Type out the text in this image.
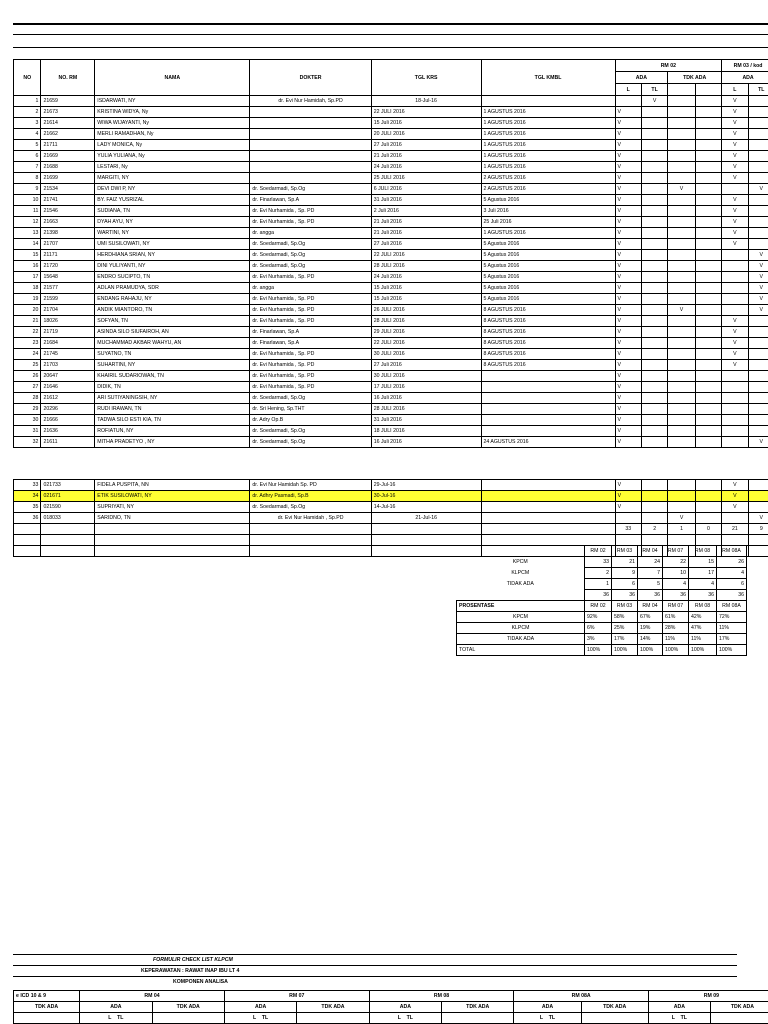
NO	NO. RM	NAMA	DOKTER	TGL KRS	TGL KMBL	RM 02				RM 03 / kod	
						ADA		TDK ADA		ADA	
						L	TL			L	TL
1	21659	ISDARWATI, NY	dr. Evi Nur Hamidah, Sp.PD	18-Jul-16			V			V	
2	21673	KRISTINA WIDYA, Ny		22 JULI 2016	1 AGUSTUS 2016	V				V	
3	21614	WIWA WIJAYANTI, Ny		15 Juli 2016	1 AGUSTUS 2016	V				V	
4	21662	MERLI RAMADHAN, Ny		20 JULI 2016	1 AGUSTUS 2016	V				V	
5	21711	LADY MONICA, Ny		27 Juli 2016	1 AGUSTUS 2016	V				V	
6	21669	YULIA YULIANA, Ny		21 Juli 2016	1 AGUSTUS 2016	V				V	
7	21688	LESTARI, Ny		24 Juli 2016	1 AGUSTUS 2016	V				V	
8	21699	MARGITI, NY		25 JULI 2016	2 AGUSTUS 2016	V				V	
9	21534	DEVI DWI P, NY	dr. Soedarmadi, Sp.Og	6 JULI 2016	2 AGUSTUS 2016	V		V			V
10	21741	BY. FAIZ YUSRIZAL	dr. Finarlawan, Sp.A	31 Juli 2016	5 Agustus 2016	V				V	
11	21546	SUDIANA, TN	dr. Evi Nurhamida , Sp. PD	2 Juli 2016	3 Juli 2016	V				V	
12	21663	DYAH AYU, NY	dr. Evi Nurhamida , Sp. PD	21 Juli 2016	25 Juli 2016	V				V	
13	21398	WARTINI, NY	dr. angga	21 Juli 2016	1 AGUSTUS 2016	V				V	
14	21707	UMI SUSILOWATI, NY	dr. Soedarmadi, Sp.Og	27 Juli 2016	5 Agustus 2016	V				V	
15	21171	HERDHIANA SRIAN, NY	dr. Soedarmadi, Sp.Og	22 JULI 2016	5 Agustus 2016	V					V
16	21720	DINI YULIYANTI, NY	dr. Soedarmadi, Sp.Og	28 JULI 2016	5 Agustus 2016	V					V
17	15648	ENDRO SUCIPTO, TN	dr. Evi Nurhamida , Sp. PD	24 Juli 2016	5 Agustus 2016	V					V
18	21577	ADLAN PRAMUDYA, SDR	dr. angga	15 Juli 2016	5 Agustus 2016	V					V
19	21599	ENDANG RAHAJU, NY	dr. Evi Nurhamida , Sp. PD	15 Juli 2016	5 Agustus 2016	V					V
20	21704	ANDIK MIANTORO, TN	dr. Evi Nurhamida , Sp. PD	26 JULI 2016	8 AGUSTUS 2016	V		V			V
21	18026	SOFYAN, TN	dr. Evi Nurhamida , Sp. PD	28 JULI 2016	8 AGUSTUS 2016	V				V	
22	21719	ASINDA SILO SIUFAIROH, AN	dr. Finarlawan, Sp.A	29 JULI 2016	8 AGUSTUS 2016	V				V	
23	21684	MUCHAMMAD AKBAR WAHYU, AN	dr. Finarlawan, Sp.A	22 JULI 2016	8 AGUSTUS 2016	V				V	
24	21745	SUYATNO, TN	dr. Evi Nurhamida , Sp. PD	30 JULI 2016	8 AGUSTUS 2016	V				V	
25	21703	SUHARTINI, NY	dr. Evi Nurhamida , Sp. PD	27 Juli 2016	8 AGUSTUS 2016	V				V	
26	20647	KHAIRIL SUDARIOWAN, TN	dr. Evi Nurhamida , Sp. PD	30 JULI 2016		V					
27	21646	DIDIK, TN	dr. Evi Nurhamida , Sp. PD	17 JULI 2016		V					
28	21612	ARI SUTIYANINGSIH, NY	dr. Soedarmadi, Sp.Og	16 Juli 2016		V					
29	20296	RUDI IRAWAN, TN	dr. Sri Hening, Sp.THT	28 JULI 2016		V					
30	21666	TADWA SILO ESTI KIA, TN	dr. Adry Op.B	31 Juli 2016		V					
31	21636	ROFIATUN, NY	dr. Soedarmadi, Sp.Og	18 JULI 2016		V					
32	21611	MITHA PRADETYO , NY	dr. Soedarmadi, Sp.Og	16 Juli 2016	24 AGUSTUS 2016	V					V
33	021733	FIDELA PUSPITA, NN	dr. Evi Nur Hamidah Sp. PD	29-Jul-16		V				V	
34	021671	ETIK SUSILOWATI, NY	dr. Adhry Pasmadi, Sp.B	30-Jul-16		V				V	
35	021590	SUPRIYATI, NY	dr. Soedarmadi, Sp.Og	14-Jul-16		V				V	
36	018033	SARIDNO, TN	dr. Evi Nur Hamidah , Sp.PD	21-Jul-16				V			V
						33	2	1	0	21	9

	RM 02	RM 03	RM 04	RM 07	RM 08	RM 08A
KPCM	33	21	24	22	15	26
KLPCM	2	9	7	10	17	4
TIDAK ADA	1	6	5	4	4	6
	36	36	36	36	36	36
PROSENTASE	RM 02	RM 03	RM 04	RM 07	RM 08	RM 08A
KPCM	92%	58%	67%	61%	42%	72%
KLPCM	6%	25%	19%	28%	47%	11%
TIDAK ADA	3%	17%	14%	11%	11%	17%
TOTAL	100%	100%	100%	100%	100%	100%
FORMULIR CHECK LIST KLPCM
KEPERAWATAN : RAWAT INAP IBU LT 4
KOMPONEN ANALISA
e ICD 10 & 9	RM 04		RM 07		RM 08		RM 08A		RM 09	
TDK ADA	ADA	TDK ADA	ADA	TDK ADA	ADA	TDK ADA	ADA	TDK ADA	ADA	TDK ADA
	L TL		L TL		L TL		L TL		L TL	
